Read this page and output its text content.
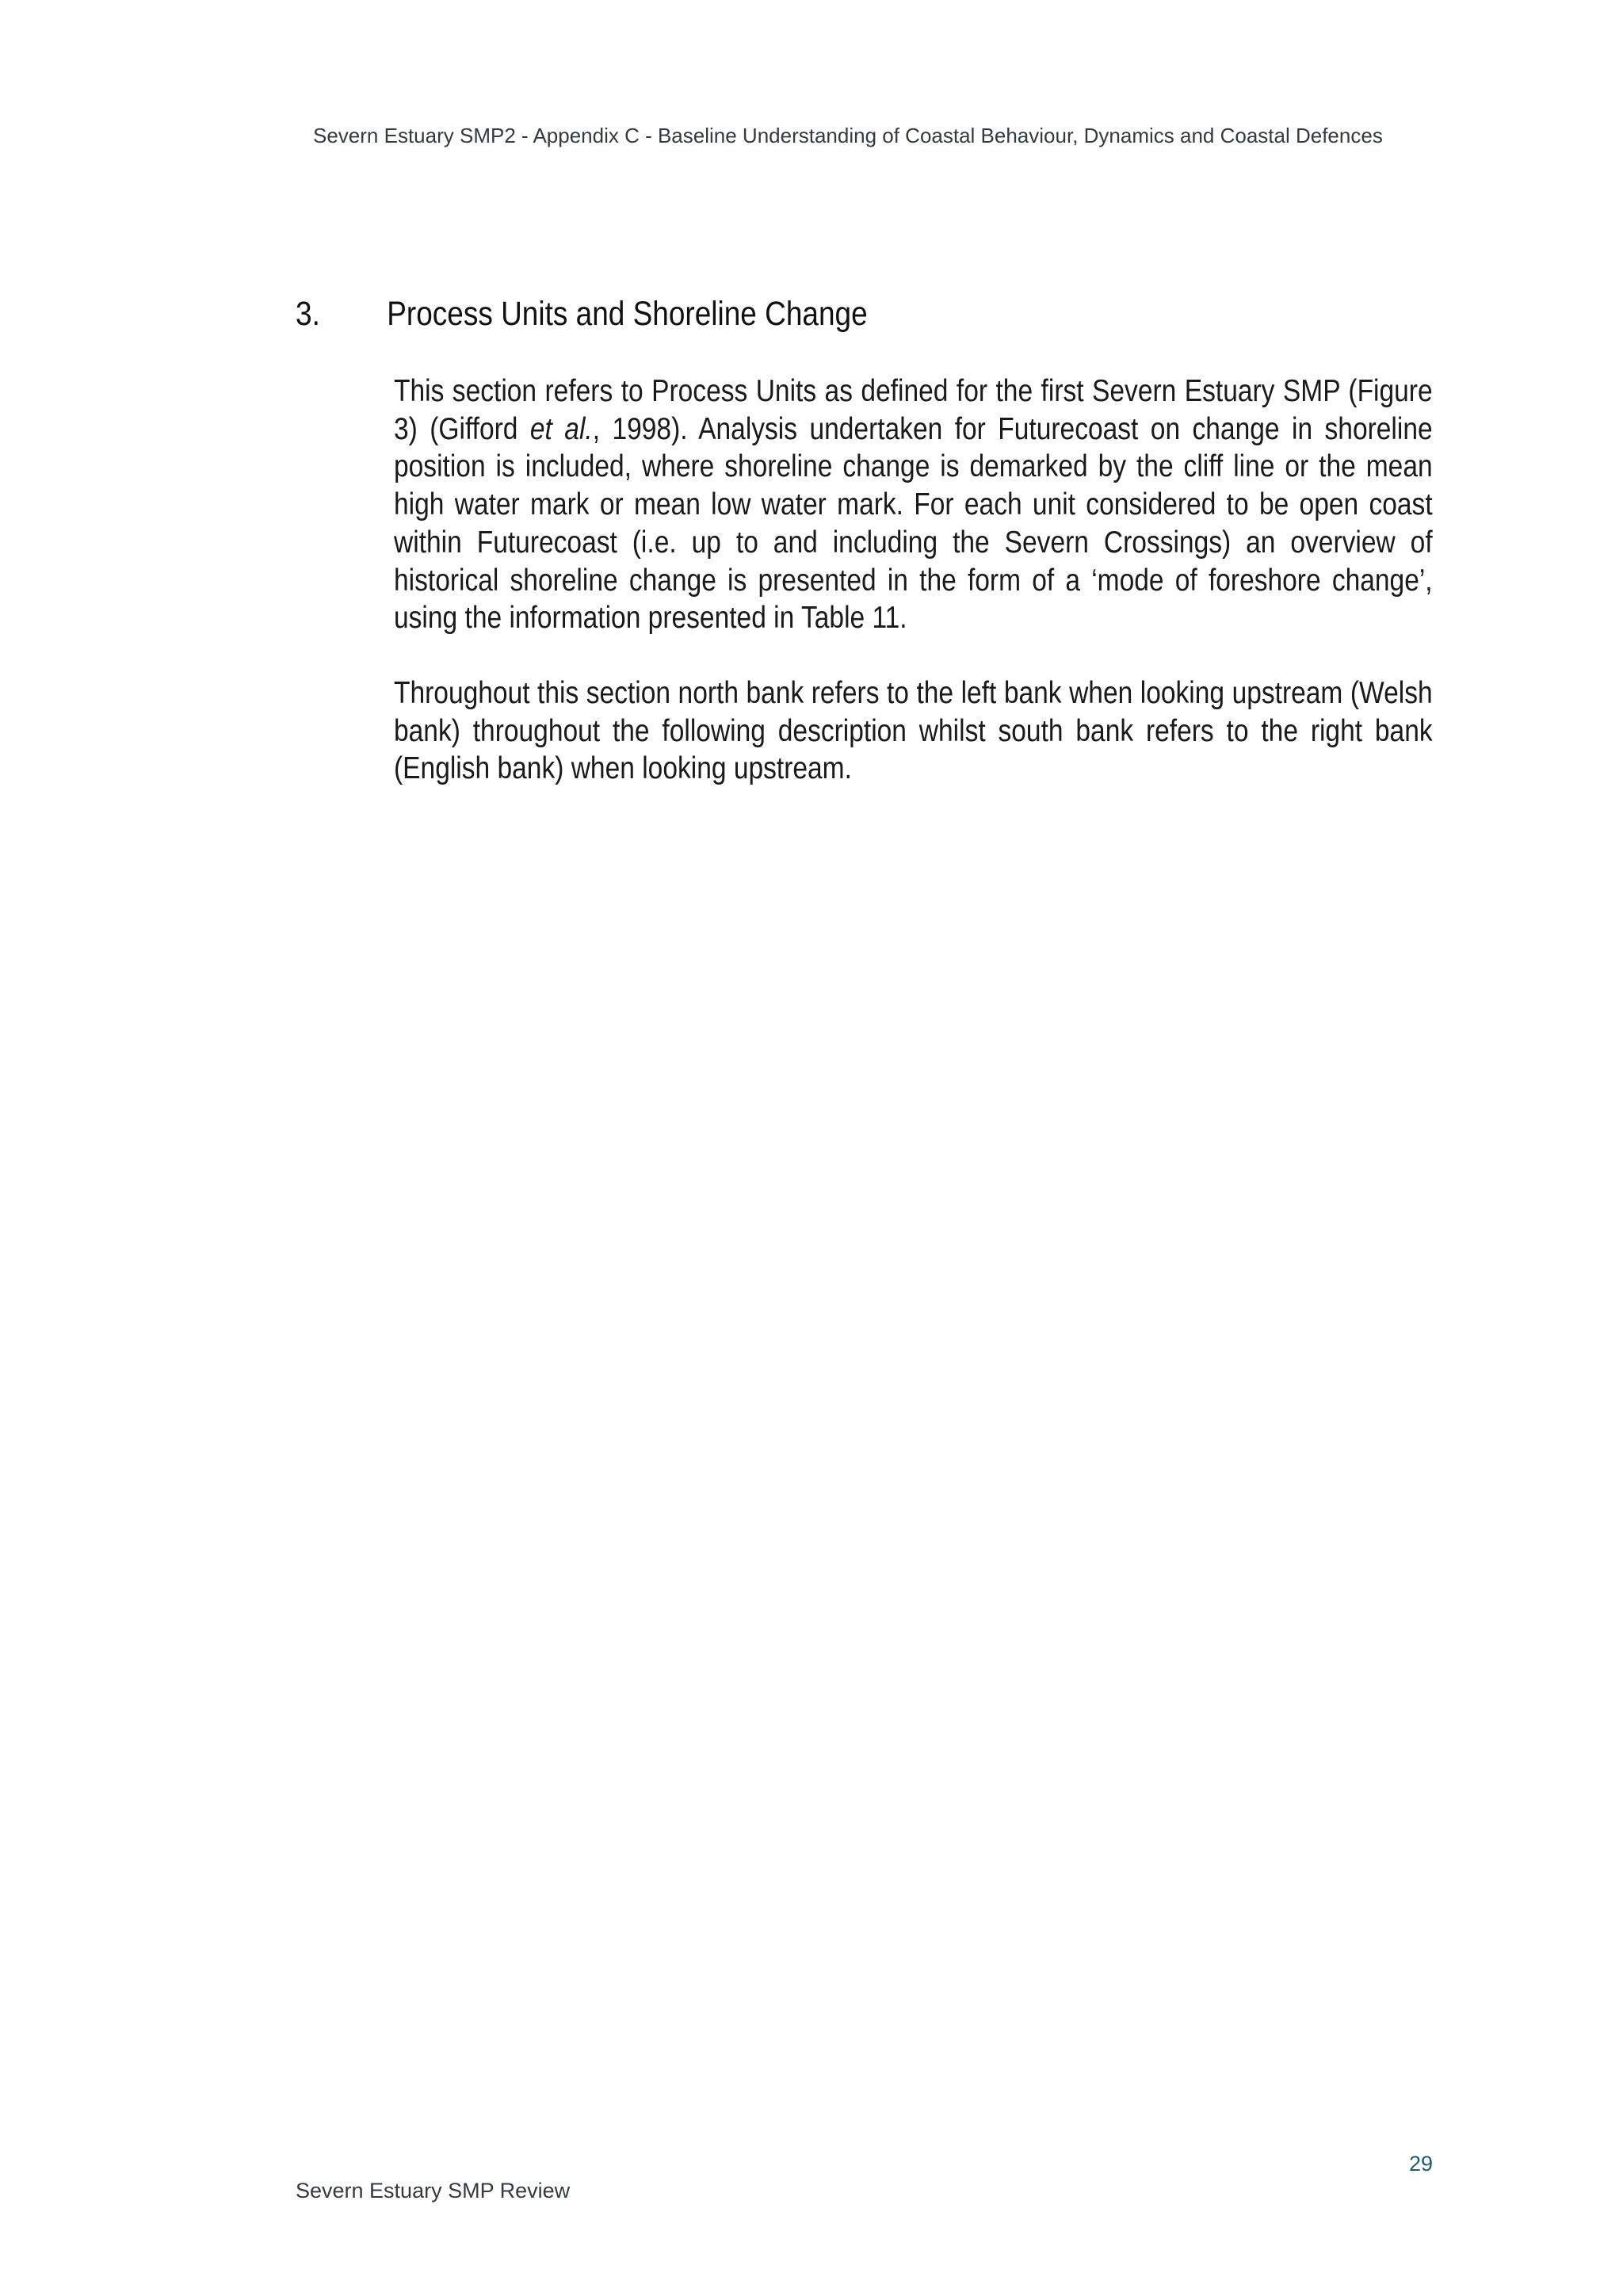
Severn Estuary SMP2 - Appendix C - Baseline Understanding of Coastal Behaviour, Dynamics and Coastal Defences
3. Process Units and Shoreline Change

This section refers to Process Units as defined for the first Severn Estuary SMP (Figure 3) (Gifford et al., 1998). Analysis undertaken for Futurecoast on change in shoreline position is included, where shoreline change is demarked by the cliff line or the mean high water mark or mean low water mark. For each unit considered to be open coast within Futurecoast (i.e. up to and including the Severn Crossings) an overview of historical shoreline change is presented in the form of a ‘mode of foreshore change’, using the information presented in Table 11.

Throughout this section north bank refers to the left bank when looking upstream (Welsh bank) throughout the following description whilst south bank refers to the right bank (English bank) when looking upstream.

29
Severn Estuary SMP Review
